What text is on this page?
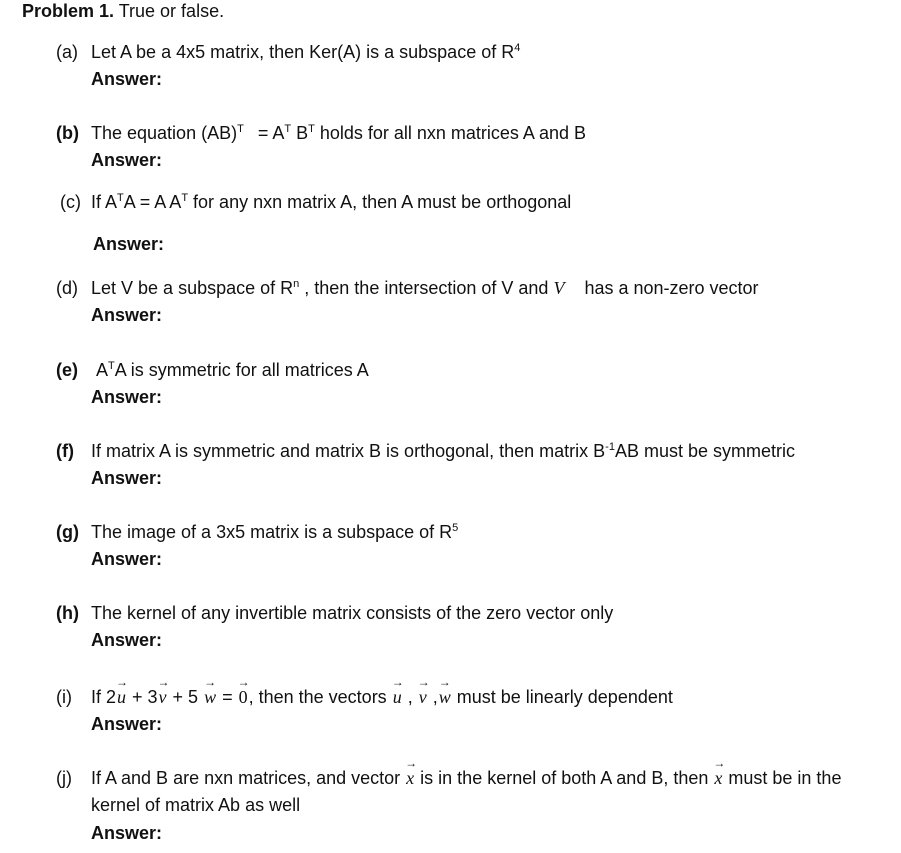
Problem 1. True or false.
(a) Let A be a 4x5 matrix, then Ker(A) is a subspace of $R^4$
Answer:
(b) The equation $(AB)^T = A^T$ $B^T$ holds for all nxn matrices A and B
Answer:
(c) If $A^TA = A$ $A^T$ for any nxn matrix A, then A must be orthogonal
Answer:
(d) Let V be a subspace of $R^n$ , then the intersection of V and V has a non-zero vector
Answer:
(e) $A^TA$ is symmetric for all matrices A
Answer:
(f) If matrix A is symmetric and matrix B is orthogonal, then matrix $B^{-1}AB$ must be symmetric
Answer:
(g) The image of a 3x5 matrix is a subspace of $R^5$
Answer:
(h) The kernel of any invertible matrix consists of the zero vector only
Answer:
(i) If 2u → + 3v → + 5 w → = 0 →, then the vectors u → , v → ,w → must be linearly dependent
Answer:
(j) If A and B are nxn matrices, and vector x → is in the kernel of both A and B, then x → must be in the
kernel of matrix Ab as well
Answer:
